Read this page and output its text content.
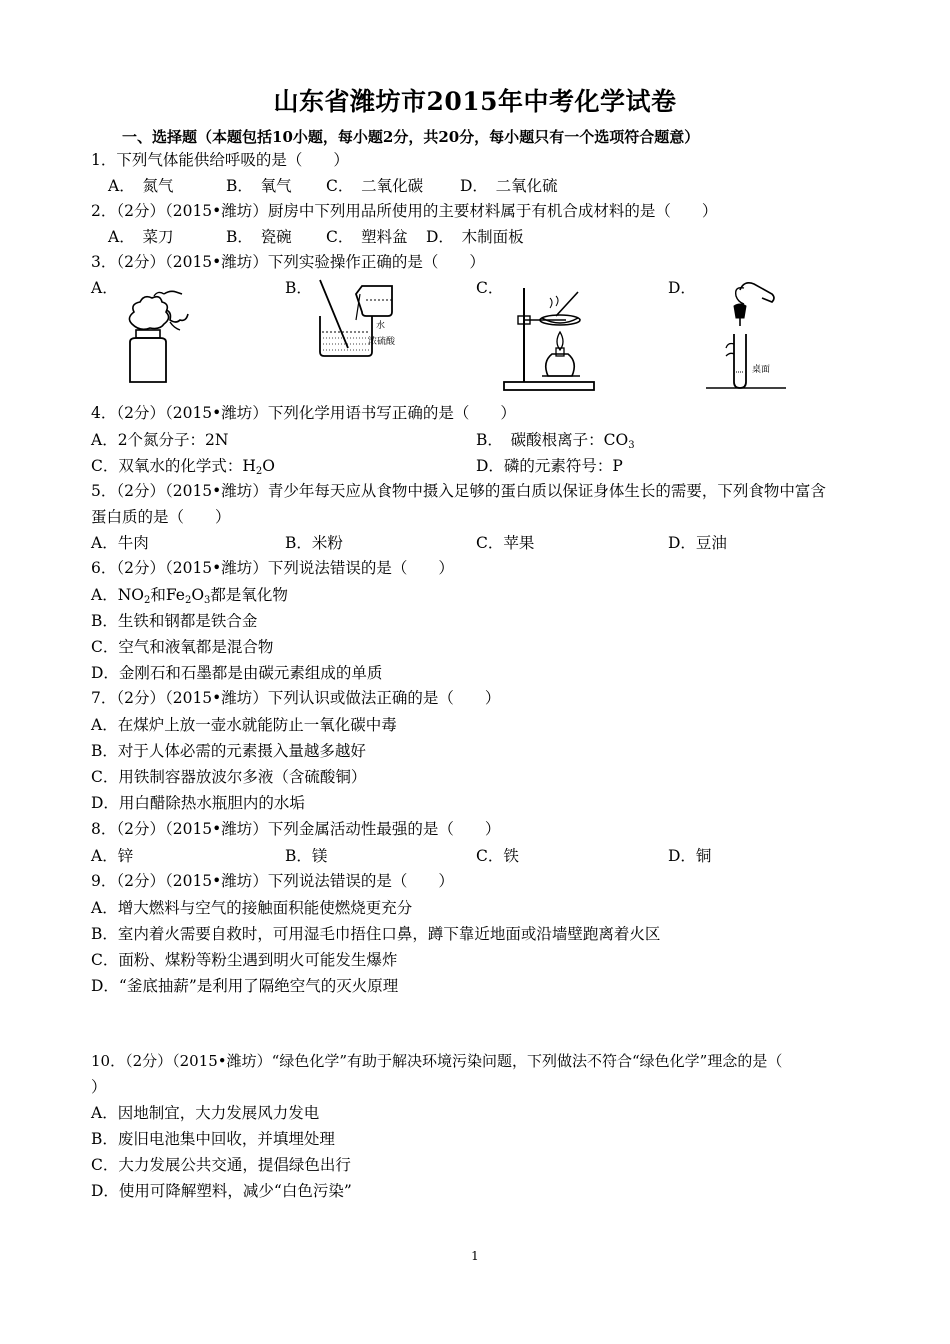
山东省潍坊市2015年中考化学试卷
一、选择题（本题包括10小题，每小题2分，共20分，每小题只有一个选项符合题意）
1．下列气体能供给呼吸的是（　　）
A．　氮气	B．　氧气 C．　二氧化碳 D．　二氧化硫
2．（2分）（2015•潍坊）厨房中下列用品所使用的主要材料属于有机合成材料的是（　　）
A．　菜刀	B．　瓷碗 C．　塑料盆 D．　木制面板
3．（2分）（2015•潍坊）下列实验操作正确的是（　　）
A．	B．	C．	D．
水
浓硫酸
桌面
4．（2分）（2015•潍坊）下列化学用语书写正确的是（　　）
A．2个氮分子：2N	B．　碳酸根离子：$CO_3$
C．双氧水的化学式：$H_2O$	D．磷的元素符号：P
5．（2分）（2015•潍坊）青少年每天应从食物中摄入足够的蛋白质以保证身体生长的需要，下列食物中富含
蛋白质的是（　　）
A．牛肉	B．米粉	C．苹果	D．豆油
6．（2分）（2015•潍坊）下列说法错误的是（　　）
A．$NO_2$和$Fe_2O_3$都是氧化物
B．生铁和钢都是铁合金
C．空气和液氧都是混合物
D．金刚石和石墨都是由碳元素组成的单质
7．（2分）（2015•潍坊）下列认识或做法正确的是（　　）
A．在煤炉上放一壶水就能防止一氧化碳中毒
B．对于人体必需的元素摄入量越多越好
C．用铁制容器放波尔多液（含硫酸铜）
D．用白醋除热水瓶胆内的水垢
8．（2分）（2015•潍坊）下列金属活动性最强的是（　　）
A．锌	B．镁	C．铁	D．铜
9．（2分）（2015•潍坊）下列说法错误的是（　　）
A．增大燃料与空气的接触面积能使燃烧更充分
B．室内着火需要自救时，可用湿毛巾捂住口鼻，蹲下靠近地面或沿墙壁跑离着火区
C．面粉、煤粉等粉尘遇到明火可能发生爆炸
D．“釜底抽薪”是利用了隔绝空气的灭火原理
10．（2分）（2015•潍坊）“绿色化学”有助于解决环境污染问题，下列做法不符合“绿色化学”理念的是（
）
A．因地制宜，大力发展风力发电
B．废旧电池集中回收，并填埋处理
C．大力发展公共交通，提倡绿色出行
D．使用可降解塑料，减少“白色污染”
1
